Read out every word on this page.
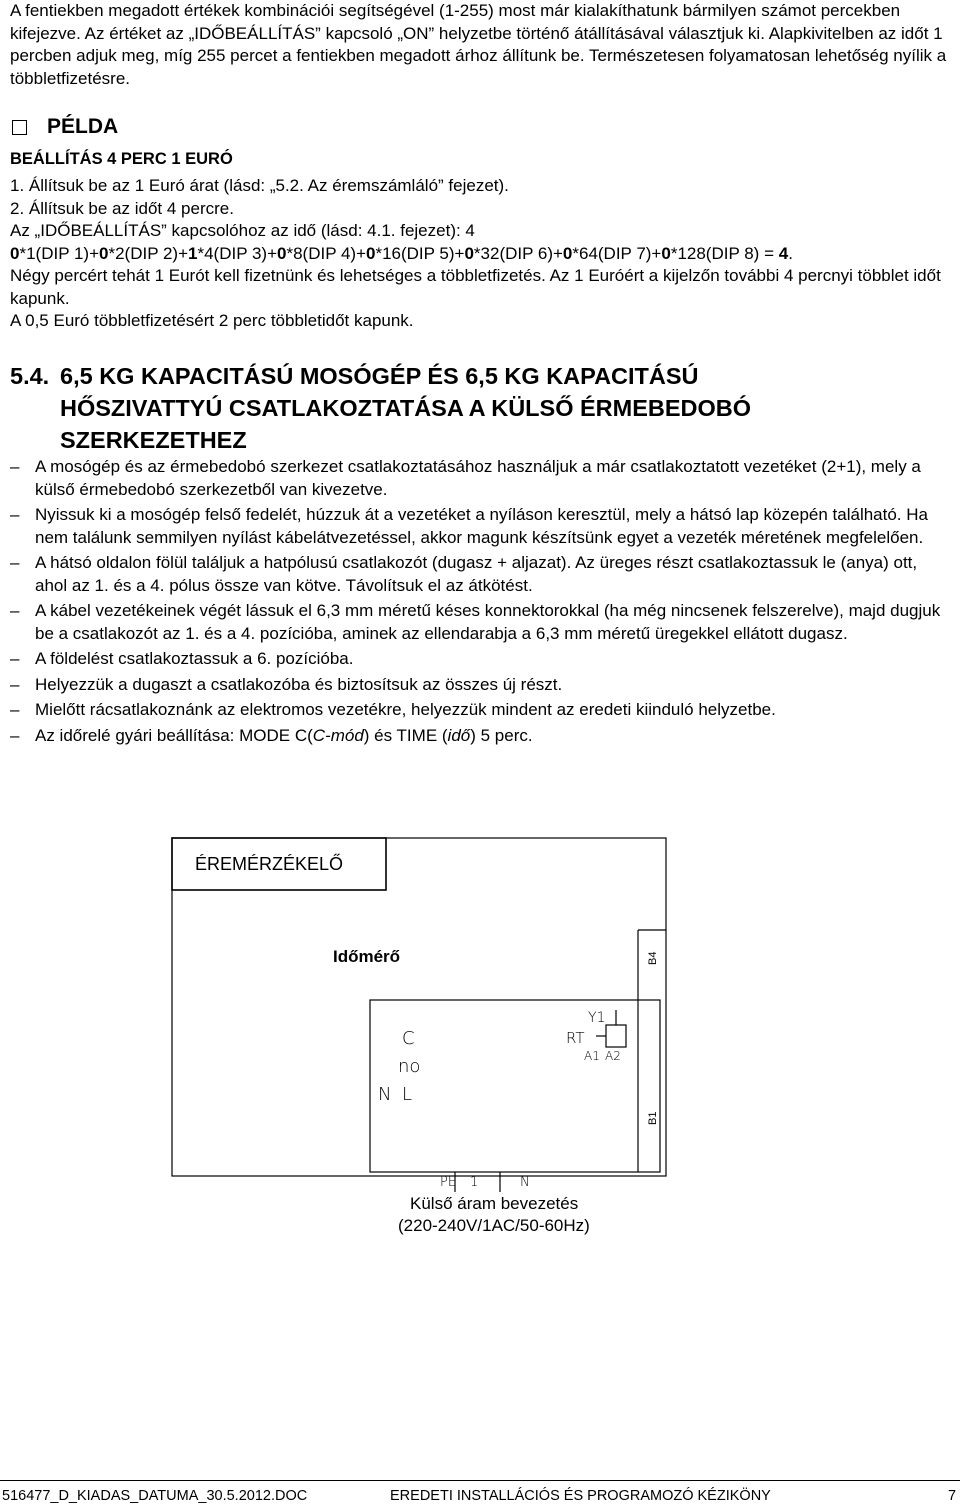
A fentiekben megadott értékek kombinációi segítségével (1-255) most már kialakíthatunk bármilyen számot percekben kifejezve. Az értéket az „IDŐBEÁLLÍTÁS” kapcsoló „ON” helyzetbe történő átállításával választjuk ki. Alapkivitelben az időt 1 percben adjuk meg, míg 255 percet a fentiekben megadott árhoz állítunk be. Természetesen folyamatosan lehetőség nyílik a többletfizetésre.

PÉLDA
BEÁLLÍTÁS 4 PERC 1 EURÓ

1. Állítsuk be az 1 Euró árat (lásd: „5.2. Az éremszámláló” fejezet).

2. Állítsuk be az időt 4 percre.

Az „IDŐBEÁLLÍTÁS” kapcsolóhoz az idő (lásd: 4.1. fejezet): 4

0*1(DIP 1)+0*2(DIP 2)+1*4(DIP 3)+0*8(DIP 4)+0*16(DIP 5)+0*32(DIP 6)+0*64(DIP 7)+0*128(DIP 8) = 4.

Négy percért tehát 1 Eurót kell fizetnünk és lehetséges a többletfizetés. Az 1 Euróért a kijelzőn további 4 percnyi többlet időt kapunk.

A 0,5 Euró többletfizetésért 2 perc többletidőt kapunk.

5.4. 6,5 KG KAPACITÁSÚ MOSÓGÉP ÉS 6,5 KG KAPACITÁSÚ
HŐSZIVATTYÚ CSATLAKOZTATÁSA A KÜLSŐ ÉRMEBEDOBÓ
SZERKEZETHEZ
– A mosógép és az érmebedobó szerkezet csatlakoztatásához használjuk a már csatlakoztatott vezetéket (2+1), mely a külső érmebedobó szerkezetből van kivezetve.
– Nyissuk ki a mosógép felső fedelét, húzzuk át a vezetéket a nyíláson keresztül, mely a hátsó lap közepén található. Ha nem találunk semmilyen nyílást kábelátvezetéssel, akkor magunk készítsünk egyet a vezeték méretének megfelelően.
– A hátsó oldalon fölül találjuk a hatpólusú csatlakozót (dugasz + aljazat). Az üreges részt csatlakoztassuk le (anya) ott, ahol az 1. és a 4. pólus össze van kötve. Távolítsuk el az átkötést.
– A kábel vezetékeinek végét lássuk el 6,3 mm méretű késes konnektorokkal (ha még nincsenek felszerelve), majd dugjuk be a csatlakozót az 1. és a 4. pozícióba, aminek az ellendarabja a 6,3 mm méretű üregekkel ellátott dugasz.
– A földelést csatlakoztassuk a 6. pozícióba.
– Helyezzük a dugaszt a csatlakozóba és biztosítsuk az összes új részt.
– Mielőtt rácsatlakoznánk az elektromos vezetékre, helyezzük mindent az eredeti kiinduló helyzetbe.
– Az időrelé gyári beállítása: MODE C(C-mód) és TIME (idő) 5 perc.
ÉREMÉRZÉKELŐ
Időmérő	B4
B1
C
no
N L
Y1
RT
A1 A2
PE 1	N
Külső áram bevezetés
(220-240V/1AC/50-60Hz)
516477_D_KIADAS_DATUMA_30.5.2012.DOC	EREDETI INSTALLÁCIÓS ÉS PROGRAMOZÓ KÉZIKÖNY	7
